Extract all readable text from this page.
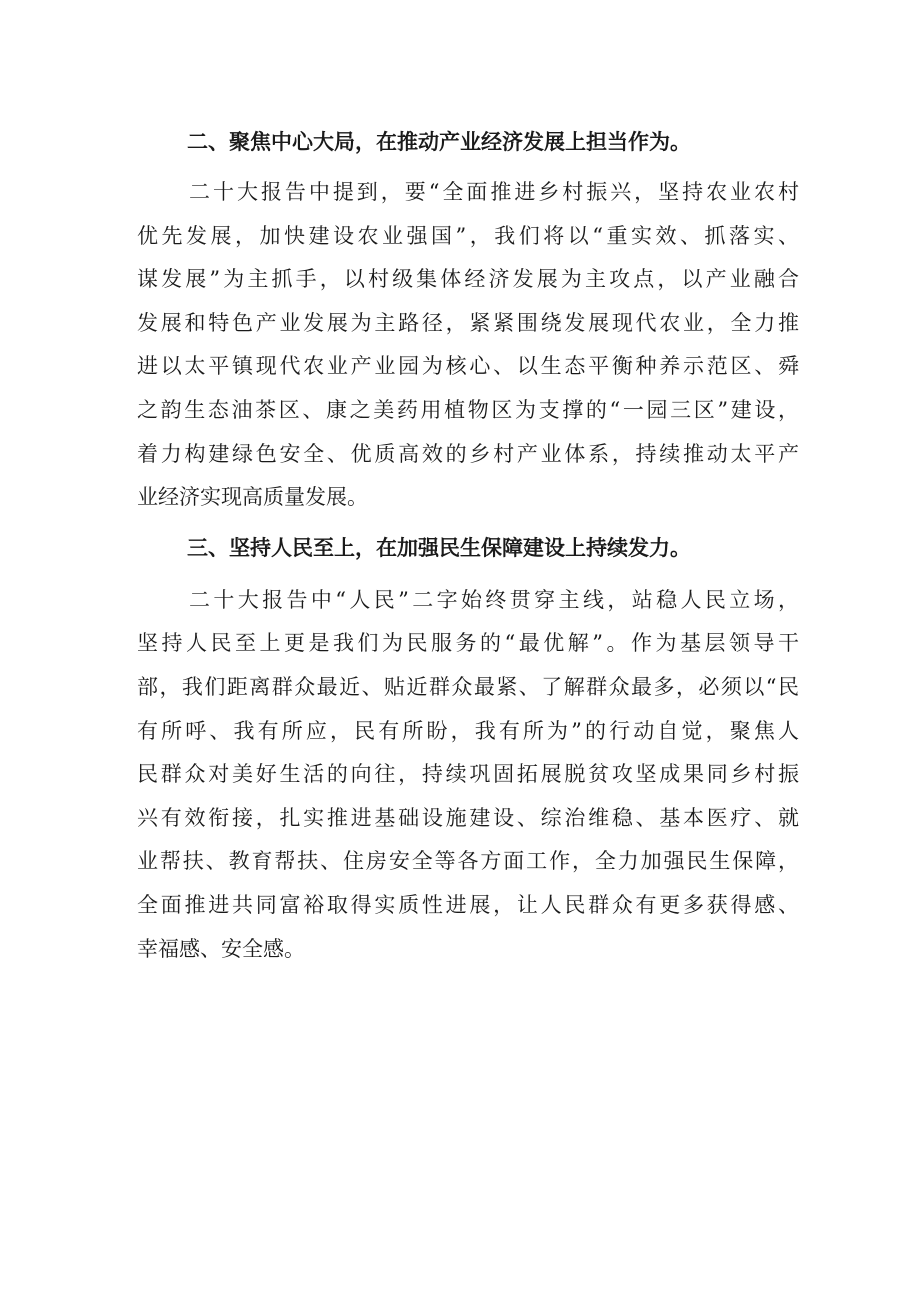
二、聚焦中心大局，在推动产业经济发展上担当作为。
二十大报告中提到，要“全面推进乡村振兴，坚持农业农村
优先发展，加快建设农业强国”，我们将以“重实效、抓落实、
谋发展”为主抓手，以村级集体经济发展为主攻点，以产业融合
发展和特色产业发展为主路径，紧紧围绕发展现代农业，全力推
进以太平镇现代农业产业园为核心、以生态平衡种养示范区、舜
之韵生态油茶区、康之美药用植物区为支撑的“一园三区”建设，
着力构建绿色安全、优质高效的乡村产业体系，持续推动太平产
业经济实现高质量发展。
三、坚持人民至上，在加强民生保障建设上持续发力。
二十大报告中“人民”二字始终贯穿主线，站稳人民立场，
坚持人民至上更是我们为民服务的“最优解”。作为基层领导干
部，我们距离群众最近、贴近群众最紧、了解群众最多，必须以“民
有所呼、我有所应，民有所盼，我有所为”的行动自觉，聚焦人
民群众对美好生活的向往，持续巩固拓展脱贫攻坚成果同乡村振
兴有效衔接，扎实推进基础设施建设、综治维稳、基本医疗、就
业帮扶、教育帮扶、住房安全等各方面工作，全力加强民生保障，
全面推进共同富裕取得实质性进展，让人民群众有更多获得感、
幸福感、安全感。
